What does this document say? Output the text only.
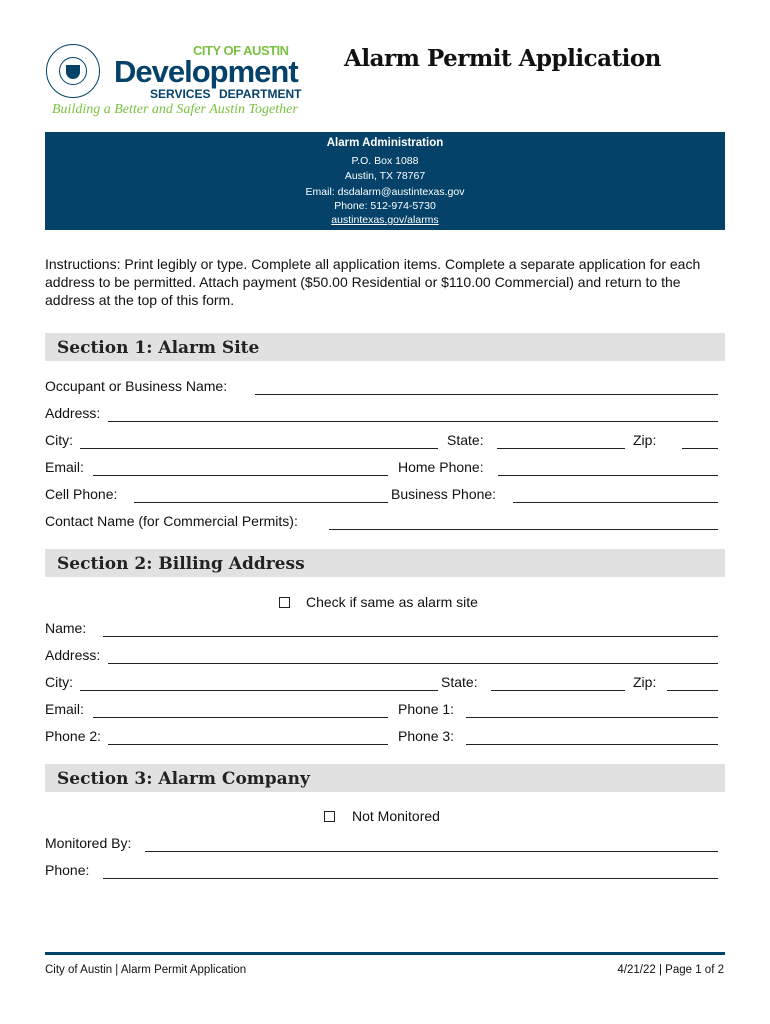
CITY OF AUSTIN
Development
SERVICES DEPARTMENT
Building a Better and Safer Austin Together
Alarm Permit Application
Alarm Administration
P.O. Box 1088
Austin, TX 78767
Email: dsdalarm@austintexas.gov
Phone: 512-974-5730
austintexas.gov/alarms
Instructions: Print legibly or type. Complete all application items. Complete a separate application for each address to be permitted. Attach payment ($50.00 Residential or $110.00 Commercial) and return to the address at the top of this form.
Section 1: Alarm Site
Occupant or Business Name:
Address:
City:	State:	Zip:
Email:	Home Phone:
Cell Phone:	Business Phone:
Contact Name (for Commercial Permits):
Section 2: Billing Address
Check if same as alarm site
Name:
Address:
City:	State:	Zip:
Email:	Phone 1:
Phone 2:	Phone 3:
Section 3: Alarm Company
Not Monitored
Monitored By:
Phone:
City of Austin | Alarm Permit Application	4/21/22 | Page 1 of 2
